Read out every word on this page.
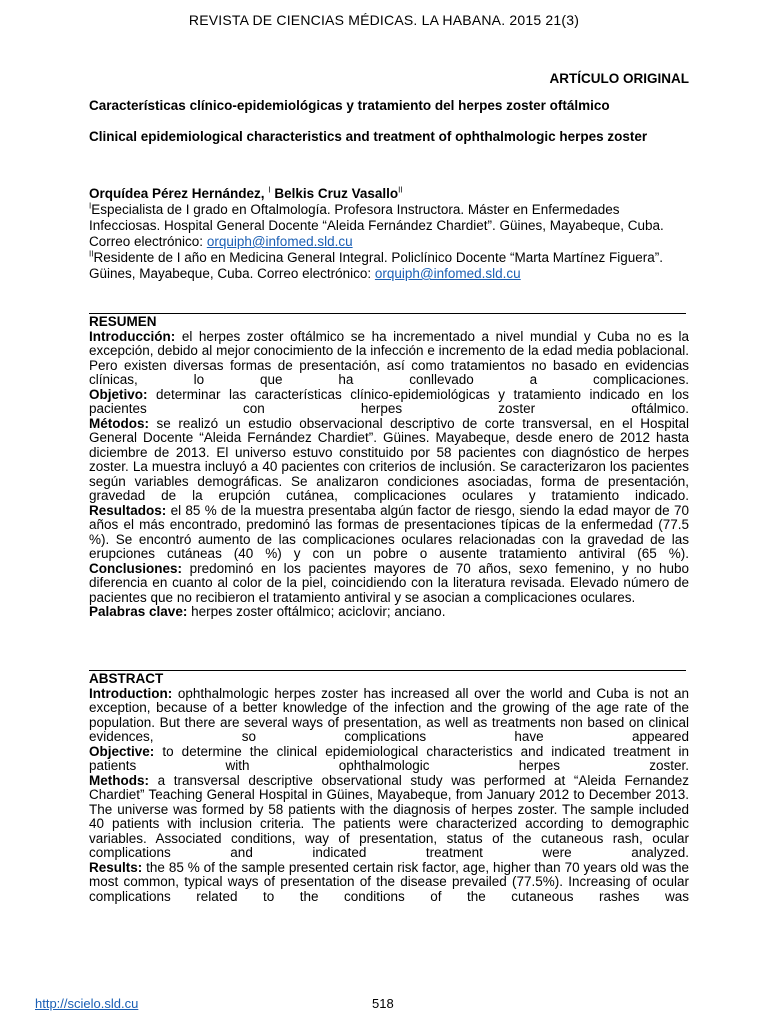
REVISTA DE CIENCIAS MÉDICAS. LA HABANA. 2015 21(3)
ARTÍCULO ORIGINAL
Características clínico-epidemiológicas y tratamiento del herpes zoster oftálmico
Clinical epidemiological characteristics and treatment of ophthalmologic herpes zoster
Orquídea Pérez Hernández, $^I$ Belkis Cruz Vasallo$^{II}$
$^I$Especialista de I grado en Oftalmología. Profesora Instructora. Máster en Enfermedades Infecciosas. Hospital General Docente “Aleida Fernández Chardiet”. Güines, Mayabeque, Cuba. Correo electrónico: orquiph@infomed.sld.cu
$^{II}$Residente de I año en Medicina General Integral. Policlínico Docente “Marta Martínez Figuera”. Güines, Mayabeque, Cuba. Correo electrónico: orquiph@infomed.sld.cu
RESUMEN
Introducción: el herpes zoster oftálmico se ha incrementado a nivel mundial y Cuba no es la excepción, debido al mejor conocimiento de la infección e incremento de la edad media poblacional. Pero existen diversas formas de presentación, así como tratamientos no basado en evidencias clínicas, lo que ha conllevado a complicaciones.
Objetivo: determinar las características clínico-epidemiológicas y tratamiento indicado en los pacientes con herpes zoster oftálmico.
Métodos: se realizó un estudio observacional descriptivo de corte transversal, en el Hospital General Docente “Aleida Fernández Chardiet”. Güines. Mayabeque, desde enero de 2012 hasta diciembre de 2013. El universo estuvo constituido por 58 pacientes con diagnóstico de herpes zoster. La muestra incluyó a 40 pacientes con criterios de inclusión. Se caracterizaron los pacientes según variables demográficas. Se analizaron condiciones asociadas, forma de presentación, gravedad de la erupción cutánea, complicaciones oculares y tratamiento indicado.
Resultados: el 85 % de la muestra presentaba algún factor de riesgo, siendo la edad mayor de 70 años el más encontrado, predominó las formas de presentaciones típicas de la enfermedad (77.5 %). Se encontró aumento de las complicaciones oculares relacionadas con la gravedad de las erupciones cutáneas (40 %) y con un pobre o ausente tratamiento antiviral (65 %).
Conclusiones: predominó en los pacientes mayores de 70 años, sexo femenino, y no hubo diferencia en cuanto al color de la piel, coincidiendo con la literatura revisada. Elevado número de pacientes que no recibieron el tratamiento antiviral y se asocian a complicaciones oculares.
Palabras clave: herpes zoster oftálmico; aciclovir; anciano.
ABSTRACT
Introduction: ophthalmologic herpes zoster has increased all over the world and Cuba is not an exception, because of a better knowledge of the infection and the growing of the age rate of the population. But there are several ways of presentation, as well as treatments non based on clinical evidences, so complications have appeared
Objective: to determine the clinical epidemiological characteristics and indicated treatment in patients with ophthalmologic herpes zoster.
Methods: a transversal descriptive observational study was performed at “Aleida Fernandez Chardiet” Teaching General Hospital in Güines, Mayabeque, from January 2012 to December 2013. The universe was formed by 58 patients with the diagnosis of herpes zoster. The sample included 40 patients with inclusion criteria. The patients were characterized according to demographic variables. Associated conditions, way of presentation, status of the cutaneous rash, ocular complications and indicated treatment were analyzed.
Results: the 85 % of the sample presented certain risk factor, age, higher than 70 years old was the most common, typical ways of presentation of the disease prevailed (77.5%). Increasing of ocular complications related to the conditions of the cutaneous rashes was
http://scielo.sld.cu	518
